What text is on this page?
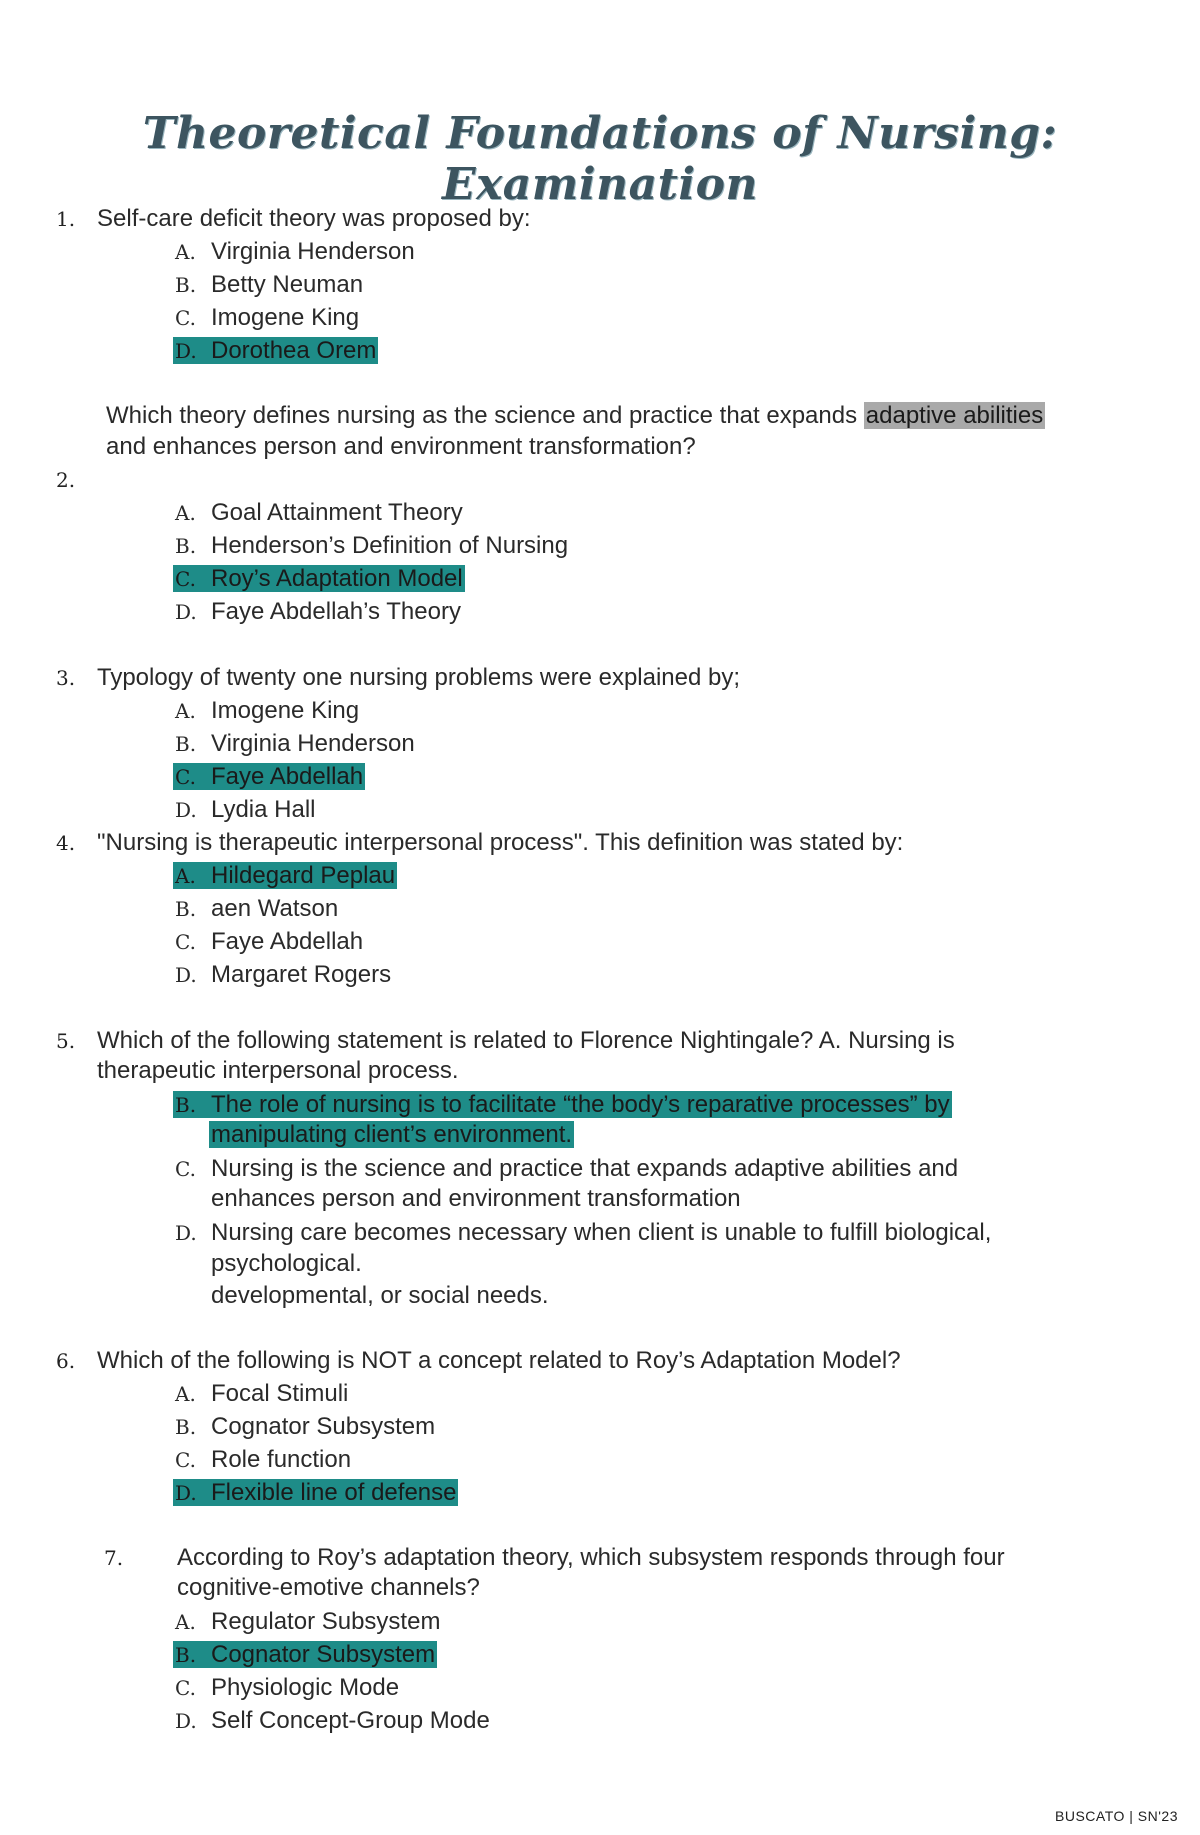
Theoretical Foundations of Nursing: Examination
1. Self-care deficit theory was proposed by:
A. Virginia Henderson
B. Betty Neuman
C. Imogene King
D. Dorothea Orem
Which theory defines nursing as the science and practice that expands adaptive abilities
and enhances person and environment transformation?
2.
A. Goal Attainment Theory
B. Henderson’s Definition of Nursing
C. Roy’s Adaptation Model
D. Faye Abdellah’s Theory
3. Typology of twenty one nursing problems were explained by;
A. Imogene King
B. Virginia Henderson
C. Faye Abdellah
D. Lydia Hall
4. "Nursing is therapeutic interpersonal process". This definition was stated by:
A. Hildegard Peplau
B. aen Watson
C. Faye Abdellah
D. Margaret Rogers
5. Which of the following statement is related to Florence Nightingale? A. Nursing is
therapeutic interpersonal process.
B. The role of nursing is to facilitate “the body’s reparative processes” by
manipulating client’s environment.
C. Nursing is the science and practice that expands adaptive abilities and
enhances person and environment transformation
D. Nursing care becomes necessary when client is unable to fulfill biological,
psychological.
developmental, or social needs.
6. Which of the following is NOT a concept related to Roy’s Adaptation Model?
A. Focal Stimuli
B. Cognator Subsystem
C. Role function
D. Flexible line of defense
7. According to Roy’s adaptation theory, which subsystem responds through four
cognitive-emotive channels?
A. Regulator Subsystem
B. Cognator Subsystem
C. Physiologic Mode
D. Self Concept-Group Mode
BUSCATO | SN'23
